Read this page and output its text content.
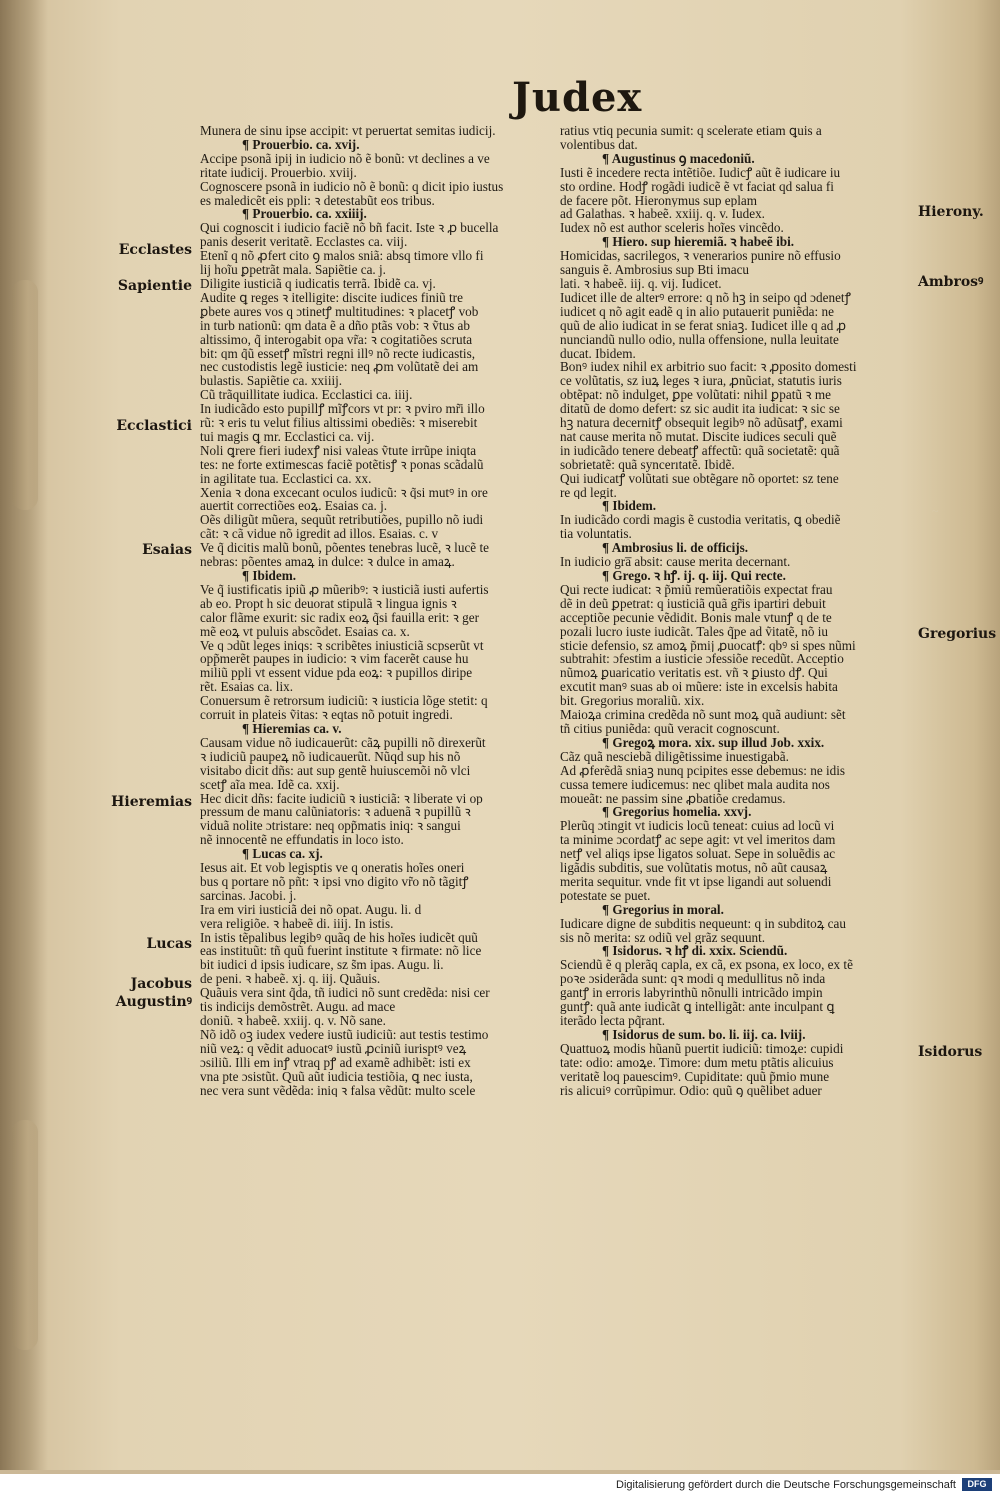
Judex
Munera de sinu ipse accipit: vt peruertat semitas iudicij.
¶ Prouerbio. ca. xvij.
Accipe psonã ipij in iudicio nõ ẽ bonũ: vt declines a ve
ritate iudicij. Prouerbio. xviij.
Cognoscere psonã in iudicio nõ ẽ bonũ: q dicit ipio iustus
es maledicẽt eis ppli: ꝛ detestabũt eos tribus.
¶ Prouerbio. ca. xxiiij.
Qui cognoscit i iudicio faciẽ nõ bñ facit. Iste ꝛ ꝓ bucella
panis deserit veritatẽ. Ecclastes ca. viij.
Etenĩ q nõ ꝓfert cito ꝯ malos sniã: absq timore vllo fi
lij hoĩu ꝑpetrãt mala. Sapiẽtie ca. j.
Diligite iusticiã q iudicatis terrã. Ibidẽ ca. vj.
Audite ꝗ reges ꝛ itelligite: discite iudices finiũ tre
ꝑbete aures vos q ɔtinetꝭ multitudines: ꝛ placetꝭ vob
in turb nationũ: qm data ẽ a dño ptãs vob: ꝛ ṽtus ab
altissimo, q̃ interogabit opa vr̃a: ꝛ cogitatiões scruta
bit: qm q̃ũ essetꝭ mĩstri regni illꝰ nõ recte iudicastis,
nec custodistis legẽ iusticie: neq ꝓm volũtatẽ dei am
bulastis. Sapiẽtie ca. xxiiij.
Cũ trãquillitate iudica. Ecclastici ca. iiij.
In iudicãdo esto pupillꝭ mĩꝭcors vt pr: ꝛ pviro mr̃i illo
rũ: ꝛ eris tu velut filius altissimi obediẽs: ꝛ miserebit
tui magis ꝗ mr. Ecclastici ca. vij.
Noli ꝗrere fieri iudexꝭ nisi valeas ṽtute irrũpe iniqta
tes: ne forte extimescas faciẽ potẽtisꝭ ꝛ ponas scãdalũ
in agilitate tua. Ecclastici ca. xx.
Xenia ꝛ dona excecant oculos iudicũ: ꝛ q̃si mutꝰ in ore
auertit correctiões eoꝝ. Esaias ca. j.
Oẽs diligũt mũera, sequũt retributiões, pupillo nõ iudi
cãt: ꝛ cã vidue nõ igredit ad illos. Esaias. c. v
Ve q̃ dicitis malũ bonũ, põentes tenebras lucẽ, ꝛ lucẽ te
nebras: põentes amaꝝ in dulce: ꝛ dulce in amaꝝ.
¶ Ibidem.
Ve q̃ iustificatis ipiũ ꝓ mũeribꝰ: ꝛ iusticiã iusti aufertis
ab eo. Propt h sic deuorat stipulã ꝛ lingua ignis ꝛ
calor flãme exurit: sic radix eoꝝ q̃si fauilla erit: ꝛ ger
mẽ eoꝝ vt puluis abscõdet. Esaias ca. x.
Ve q ɔdũt leges iniqs: ꝛ scribẽtes iniusticiã scpserũt vt
opp̃merẽt paupes in iudicio: ꝛ vim facerẽt cause hu
miliũ ppli vt essent vidue pda eoꝝ: ꝛ pupillos diripe
rẽt. Esaias ca. lix.
Conuersum ẽ retrorsum iudiciũ: ꝛ iusticia lõge stetit: q
corruit in plateis ṽitas: ꝛ eqtas nõ potuit ingredi.
¶ Hieremias ca. v.
Causam vidue nõ iudicauerũt: cãꝝ pupilli nõ direxerũt
ꝛ iudiciũ paupeꝝ nõ iudicauerũt. Nũqd sup his nõ
visitabo dicit dñs: aut sup gentẽ huiuscemõi nõ vlci
scetꝭ aĩa mea. Idẽ ca. xxij.
Hec dicit dñs: facite iudiciũ ꝛ iusticiã: ꝛ liberate vi op
pressum de manu calũniatoris: ꝛ aduenã ꝛ pupillũ ꝛ
viduã nolite ɔtristare: neq opp̃matis iniq: ꝛ sangui
nẽ innocentẽ ne effundatis in loco isto.
¶ Lucas ca. xj.
Iesus ait. Et vob legisptis ve q oneratis hoĩes oneri
bus q portare nõ pñt: ꝛ ipsi vno digito vr̃o nõ tãgitꝭ
sarcinas. Jacobi. j.
Ira em viri iusticiã dei nõ opat. Augu. li. d
vera religiõe. ꝛ habeẽ di. iiij. In istis.
In istis tẽpalibus legibꝰ quãq de his hoĩes iudicẽt quũ
eas instituũt: tñ quũ fuerint institute ꝛ firmate: nõ lice
bit iudici d ipsis iudicare, sz s̃m ipas. Augu. li.
de peni. ꝛ habeẽ. xj. q. iij. Quãuis.
Quãuis vera sint q̃da, tñ iudici nõ sunt credẽda: nisi cer
tis indicijs demõstrẽt. Augu. ad mace
doniũ. ꝛ habeẽ. xxiij. q. v. Nõ sane.
Nõ idõ oꝫ iudex vedere iustũ iudiciũ: aut testis testimo
niũ veꝝ: q vẽdit aduocatꝰ iustũ ꝓciniũ iurisptꝰ veꝝ
ɔsiliũ. Illi em inꝭ vtraq pꝭ ad examẽ adhibẽt: isti ex
vna pte ɔsistũt. Quũ aũt iudicia testiõia, ꝗ nec iusta,
nec vera sunt vẽdẽda: iniq ꝛ falsa vẽdũt: multo scele
ratius vtiq pecunia sumit: q scelerate etiam ꝗuis a
volentibus dat.
¶ Augustinus ꝯ macedoniũ.
Iusti ẽ incedere recta intẽtiõe. Iudicꝭ aũt ẽ iudicare iu
sto ordine. Hodꝭ rogãdi iudicẽ ẽ vt faciat qd salua fi
de facere põt. Hieronymus sup eplam
ad Galathas. ꝛ habeẽ. xxiij. q. v. Iudex.
Iudex nõ est author sceleris hoĩes vincẽdo.
¶ Hiero. sup hieremiã. ꝛ habeẽ ibi.
Homicidas, sacrilegos, ꝛ venerarios punire nõ effusio
sanguis ẽ. Ambrosius sup Bti imacu
lati. ꝛ habeẽ. iij. q. vij. Iudicet.
Iudicet ille de alterꝰ errore: q nõ hꝫ in seipo qd ɔdenetꝭ
iudicet q nõ agit eadẽ q in alio putauerit puniẽda: ne
quũ de alio iudicat in se ferat sniaꝫ. Iudicet ille q ad ꝓ
nunciandũ nullo odio, nulla offensione, nulla leuitate
ducat. Ibidem.
Bonꝰ iudex nihil ex arbitrio suo facit: ꝛ ꝓposito domesti
ce volũtatis, sz iuꝝ leges ꝛ iura, ꝓnũciat, statutis iuris
obtẽpat: nõ indulget, ꝑpe volũtati: nihil ꝑpatũ ꝛ me
ditatũ de domo defert: sz sic audit ita iudicat: ꝛ sic se
hꝫ natura decernitꝭ obsequit legibꝰ nõ adũsatꝭ, exami
nat cause merita nõ mutat. Discite iudices seculi quẽ
in iudicãdo tenere debeatꝭ affectũ: quã societatẽ: quã
sobrietatẽ: quã syncerıtatẽ. Ibidẽ.
Qui iudicatꝭ volũtati sue obtẽgare nõ oportet: sz tene
re qd legit.
¶ Ibidem.
In iudicãdo cordi magis ẽ custodia veritatis, ꝗ obediẽ
tia voluntatis.
¶ Ambrosius li. de officijs.
In iudicio gra̅ absit: cause merita decernant.
¶ Grego. ꝛ hꝭ. ij. q. iij. Qui recte.
Qui recte iudicat: ꝛ p̃miũ remũeratiõis expectat frau
dẽ in deũ ꝑpetrat: q iusticiã quã gr̃is ipartiri debuit
acceptiõe pecunie vẽdidit. Bonis male vtunꝭ q de te
pozali lucro iuste iudicãt. Tales q̃pe ad ṽitatẽ, nõ iu
sticie defensio, sz amoꝝ p̃mij ꝓuocatꝭ: qbꝰ si spes nũmi
subtrahit: ɔfestim a iusticie ɔfessiõe recedũt. Acceptio
nũmoꝝ ꝑuaricatio veritatis est. vñ ꝛ ꝑiusto dꝭ. Qui
excutit manꝰ suas ab oi mũere: iste in excelsis habita
bit. Gregorius moraliũ. xix.
Maioꝝa crimina credẽda nõ sunt moꝝ quã audiunt: sẽt
tñ citius puniẽda: quũ veracit cognoscunt.
¶ Gregoꝝ mora. xix. sup illud Job. xxix.
Cãz quã nesciebã diligẽtissime inuestigabã.
Ad ꝓferẽdã sniaꝫ nunq pcipites esse debemus: ne idis
cussa temere iudicemus: nec qlibet mala audita nos
moueãt: ne passim sine ꝓbatiõe credamus.
¶ Gregorius homelia. xxvj.
Plerũq ɔtingit vt iudicis locũ teneat: cuius ad locũ vi
ta minime ɔcordatꝭ ac sepe agit: vt vel imeritos dam
netꝭ vel aliqs ipse ligatos soluat. Sepe in soluẽdis ac
ligãdis subditis, sue volũtatis motus, nõ aũt causaꝝ
merita sequitur. vnde fit vt ipse ligandi aut soluendi
potestate se puet.
¶ Gregorius in moral.
Iudicare digne de subditis nequeunt: q in subditoꝝ cau
sis nõ merita: sz odiũ vel grãz sequunt.
¶ Isidorus. ꝛ hꝭ di. xxix. Sciendũ.
Sciendũ ẽ q plerãq capla, ex cã, ex psona, ex loco, ex tẽ
poꝛe ɔsiderãda sunt: qꝛ modi q medullitus nõ inda
gantꝭ in erroris labyrinthũ nõnulli intricãdo impin
guntꝭ: quã ante iudicãt ꝗ intelligãt: ante inculpant ꝗ
iterãdo lecta pq̃rant.
¶ Isidorus de sum. bo. li. iij. ca. lviij.
Quattuoꝝ modis hũanũ puertit iudiciũ: timoꝝe: cupidi
tate: odio: amoꝝe. Timore: dum metu ptãtis alicuius
veritatẽ loq pauescimꝰ. Cupiditate: quũ p̃mio mune
ris alicuiꝰ corrũpimur. Odio: quũ ꝯ quẽlibet aduer
Ecclastes
Sapientie
Ecclastici
Esaias
Hieremias
Lucas
Jacobus
Augustinꝰ
Hierony.
Ambrosꝰ
Gregorius
Isidorus
~
Digitalisierung gefördert durch die Deutsche Forschungsgemeinschaft	DFG
